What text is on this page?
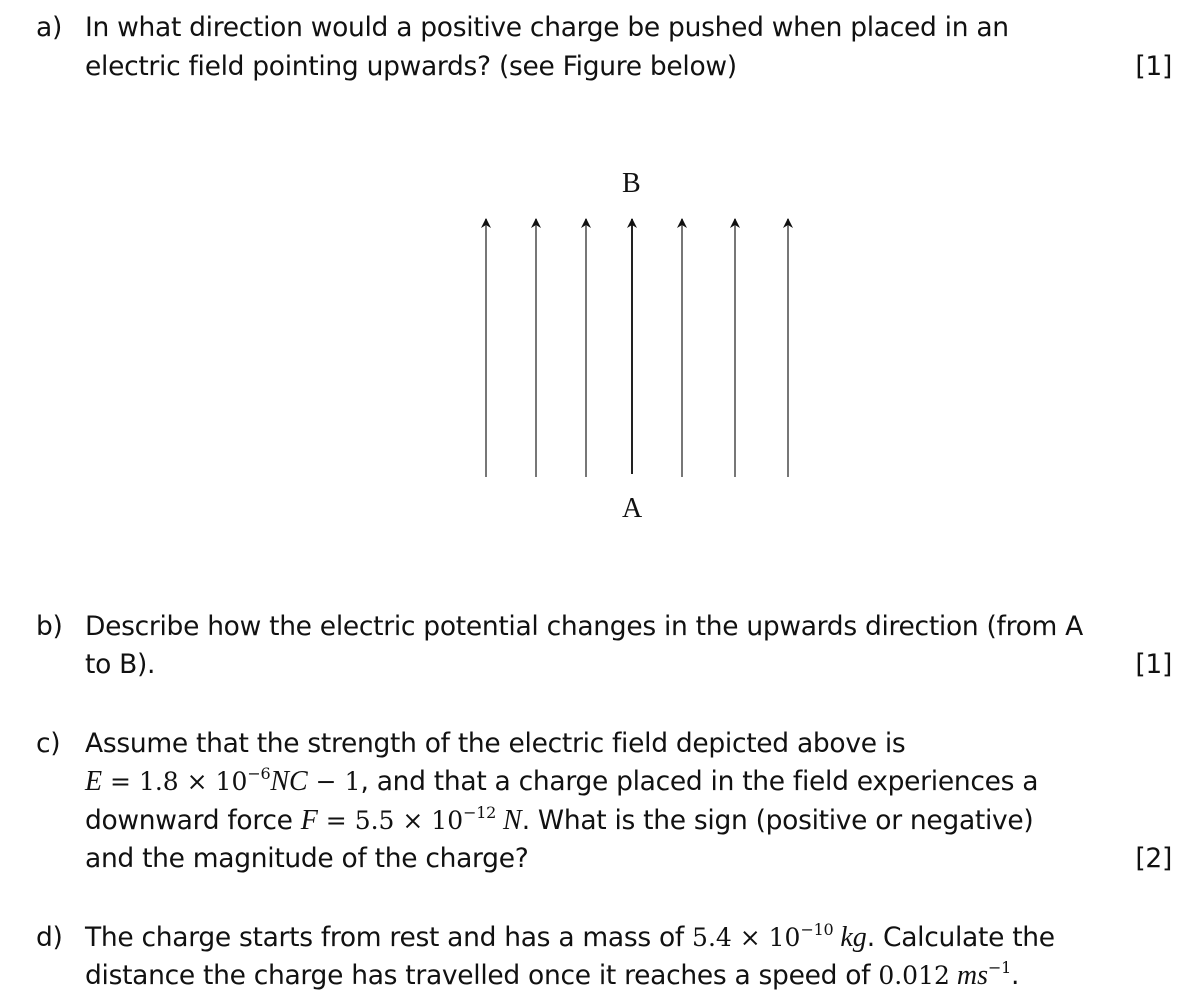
a) In what direction would a positive charge be pushed when placed in an
electric field pointing upwards? (see Figure below)	[1]
B
A
b) Describe how the electric potential changes in the upwards direction (from A
to B).	[1]
c) Assume that the strength of the electric field depicted above is
$E = 1.8 \times 10^{-6}NC - 1$, and that a charge placed in the field experiences a
downward force $F = 5.5 \times 10^{-12}$ N. What is the sign (positive or negative)
and the magnitude of the charge?	[2]
d) The charge starts from rest and has a mass of $5.4 \times 10^{-10}$ kg. Calculate the
distance the charge has travelled once it reaches a speed of 0.012 $ms^{-1}$.
